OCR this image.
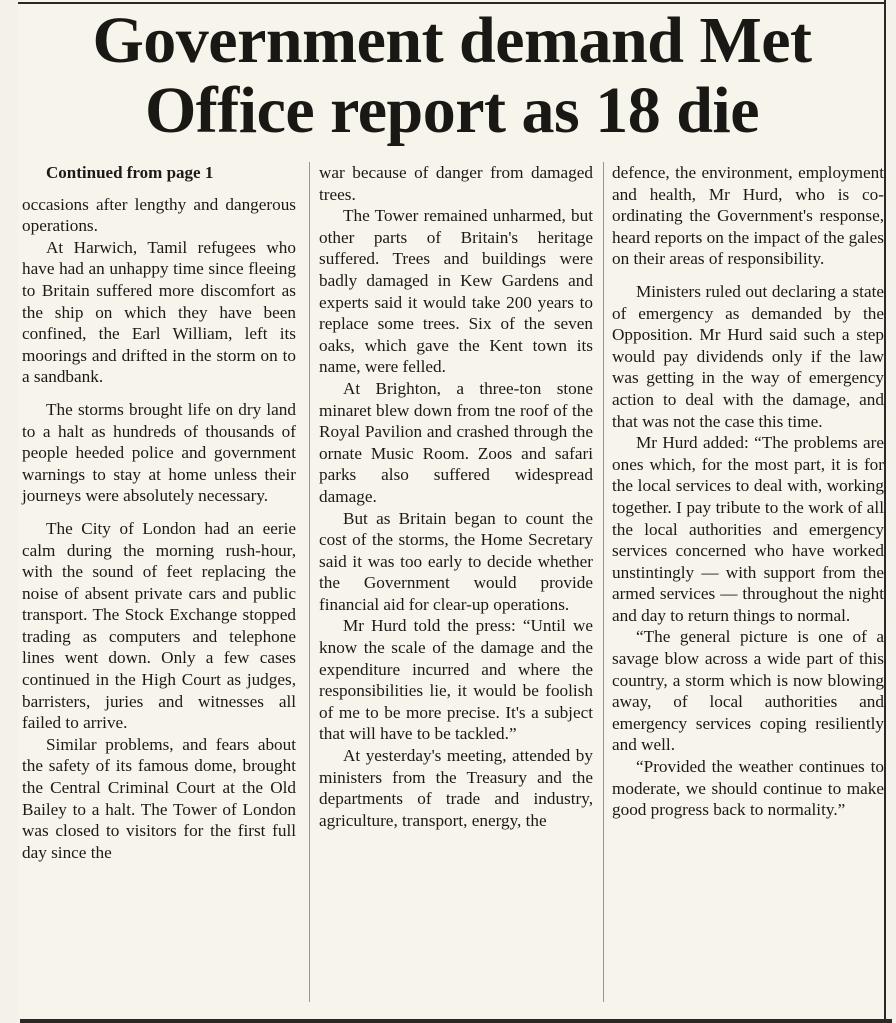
Government demand Met Office report as 18 die

Continued from page 1

occasions after lengthy and dangerous operations.

At Harwich, Tamil refugees who have had an unhappy time since fleeing to Britain suffered more discomfort as the ship on which they have been confined, the Earl William, left its moorings and drifted in the storm on to a sandbank.

The storms brought life on dry land to a halt as hundreds of thousands of people heeded police and government warnings to stay at home unless their journeys were absolutely necessary.

The City of London had an eerie calm during the morning rush-hour, with the sound of feet replacing the noise of absent private cars and public transport. The Stock Exchange stopped trading as computers and telephone lines went down. Only a few cases continued in the High Court as judges, barristers, juries and witnesses all failed to arrive.

Similar problems, and fears about the safety of its famous dome, brought the Central Criminal Court at the Old Bailey to a halt. The Tower of London was closed to visitors for the first full day since the

war because of danger from damaged trees.

The Tower remained unharmed, but other parts of Britain's heritage suffered. Trees and buildings were badly damaged in Kew Gardens and experts said it would take 200 years to replace some trees. Six of the seven oaks, which gave the Kent town its name, were felled.

At Brighton, a three-ton stone minaret blew down from tne roof of the Royal Pavilion and crashed through the ornate Music Room. Zoos and safari parks also suffered widespread damage.

But as Britain began to count the cost of the storms, the Home Secretary said it was too early to decide whether the Government would provide financial aid for clear-up operations.

Mr Hurd told the press: “Until we know the scale of the damage and the expenditure incurred and where the responsibilities lie, it would be foolish of me to be more precise. It's a subject that will have to be tackled.”

At yesterday's meeting, attended by ministers from the Treasury and the departments of trade and industry, agriculture, transport, energy, the

defence, the environment, employment and health, Mr Hurd, who is co-ordinating the Government's response, heard reports on the impact of the gales on their areas of responsibility.

Ministers ruled out declaring a state of emergency as demanded by the Opposition. Mr Hurd said such a step would pay dividends only if the law was getting in the way of emergency action to deal with the damage, and that was not the case this time.

Mr Hurd added: “The problems are ones which, for the most part, it is for the local services to deal with, working together. I pay tribute to the work of all the local authorities and emergency services concerned who have worked unstintingly — with support from the armed services — throughout the night and day to return things to normal.

“The general picture is one of a savage blow across a wide part of this country, a storm which is now blowing away, of local authorities and emergency services coping resiliently and well.

“Provided the weather continues to moderate, we should continue to make good progress back to normality.”
